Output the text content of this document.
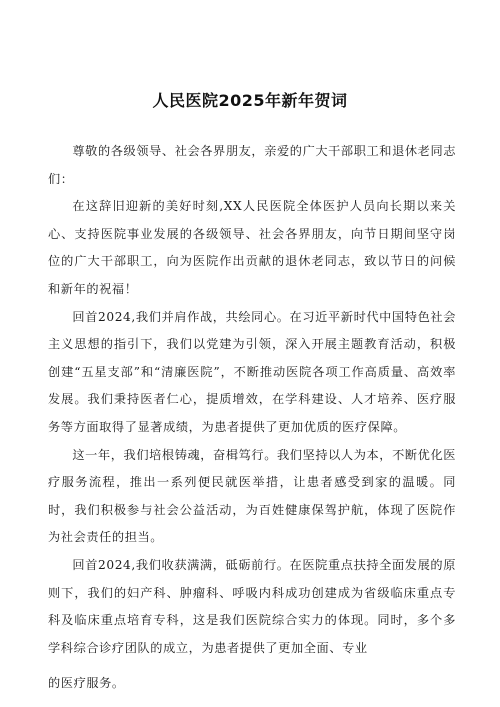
人民医院2025年新年贺词

尊敬的各级领导、社会各界朋友，亲爱的广大干部职工和退休老同志们：

在这辞旧迎新的美好时刻,XX人民医院全体医护人员向长期以来关心、支持医院事业发展的各级领导、社会各界朋友，向节日期间坚守岗位的广大干部职工，向为医院作出贡献的退休老同志，致以节日的问候和新年的祝福！

回首2024,我们并肩作战，共绘同心。在习近平新时代中国特色社会主义思想的指引下，我们以党建为引领，深入开展主题教育活动，积极创建“五星支部”和“清廉医院”，不断推动医院各项工作高质量、高效率发展。我们秉持医者仁心，提质增效，在学科建设、人才培养、医疗服务等方面取得了显著成绩，为患者提供了更加优质的医疗保障。

这一年，我们培根铸魂，奋楫笃行。我们坚持以人为本，不断优化医疗服务流程，推出一系列便民就医举措，让患者感受到家的温暖。同时，我们积极参与社会公益活动，为百姓健康保驾护航，体现了医院作为社会责任的担当。

回首2024,我们收获满满，砥砺前行。在医院重点扶持全面发展的原则下，我们的妇产科、肿瘤科、呼吸内科成功创建成为省级临床重点专科及临床重点培育专科，这是我们医院综合实力的体现。同时，多个多学科综合诊疗团队的成立，为患者提供了更加全面、专业

的医疗服务。
